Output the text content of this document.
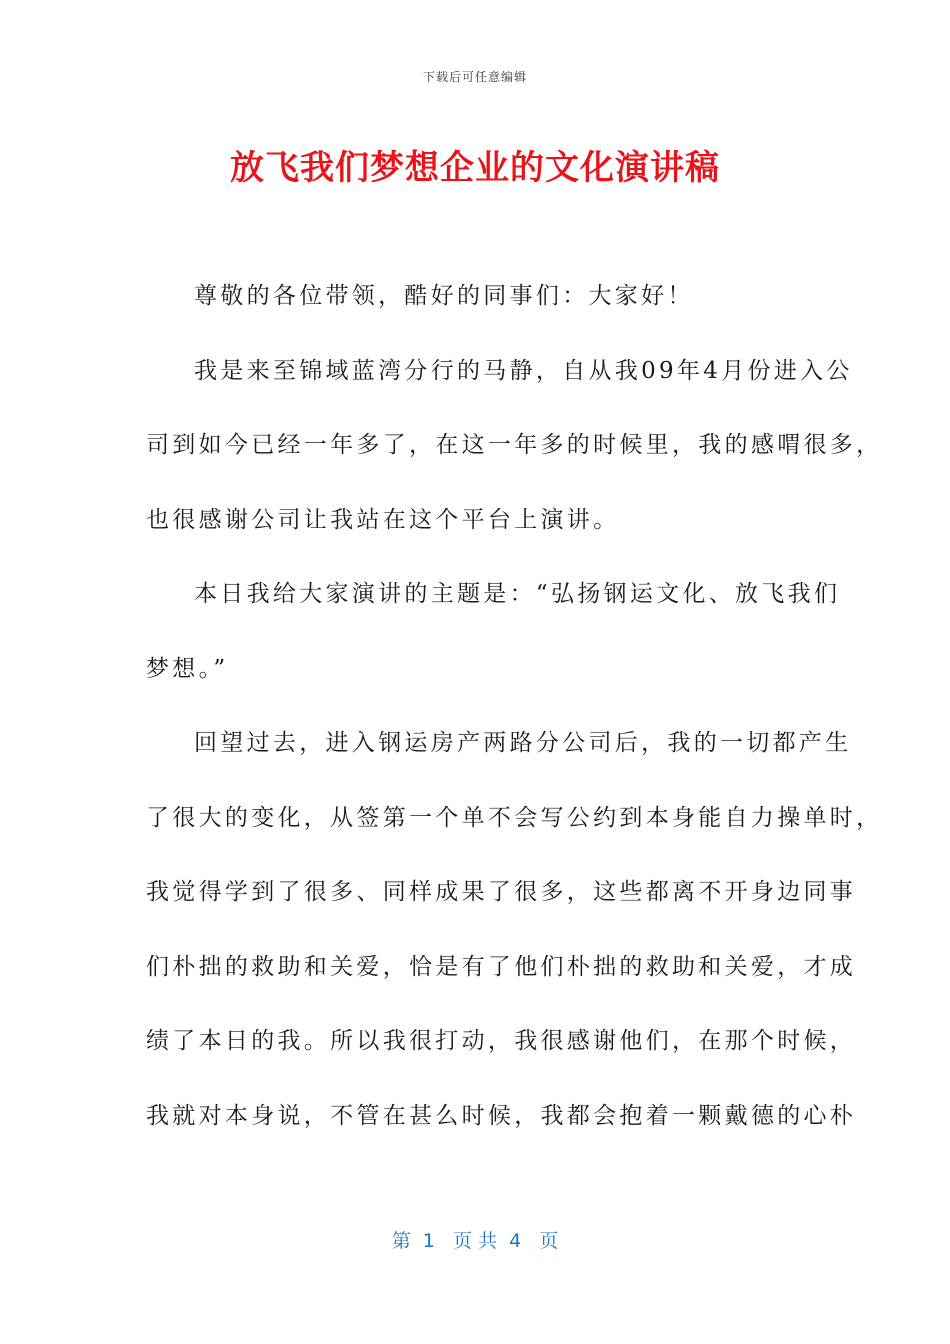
下载后可任意编辑
放飞我们梦想企业的文化演讲稿
尊敬的各位带领，酷好的同事们：大家好！
我是来至锦域蓝湾分行的马静，自从我09年4月份进入公
司到如今已经一年多了，在这一年多的时候里，我的感喟很多，
也很感谢公司让我站在这个平台上演讲。
本日我给大家演讲的主题是：“弘扬钢运文化、放飞我们
梦想。”
回望过去，进入钢运房产两路分公司后，我的一切都产生
了很大的变化，从签第一个单不会写公约到本身能自力操单时，
我觉得学到了很多、同样成果了很多，这些都离不开身边同事
们朴拙的救助和关爱，恰是有了他们朴拙的救助和关爱，才成
绩了本日的我。所以我很打动，我很感谢他们，在那个时候，
我就对本身说，不管在甚么时候，我都会抱着一颗戴德的心朴
第  1   页 共  4   页
